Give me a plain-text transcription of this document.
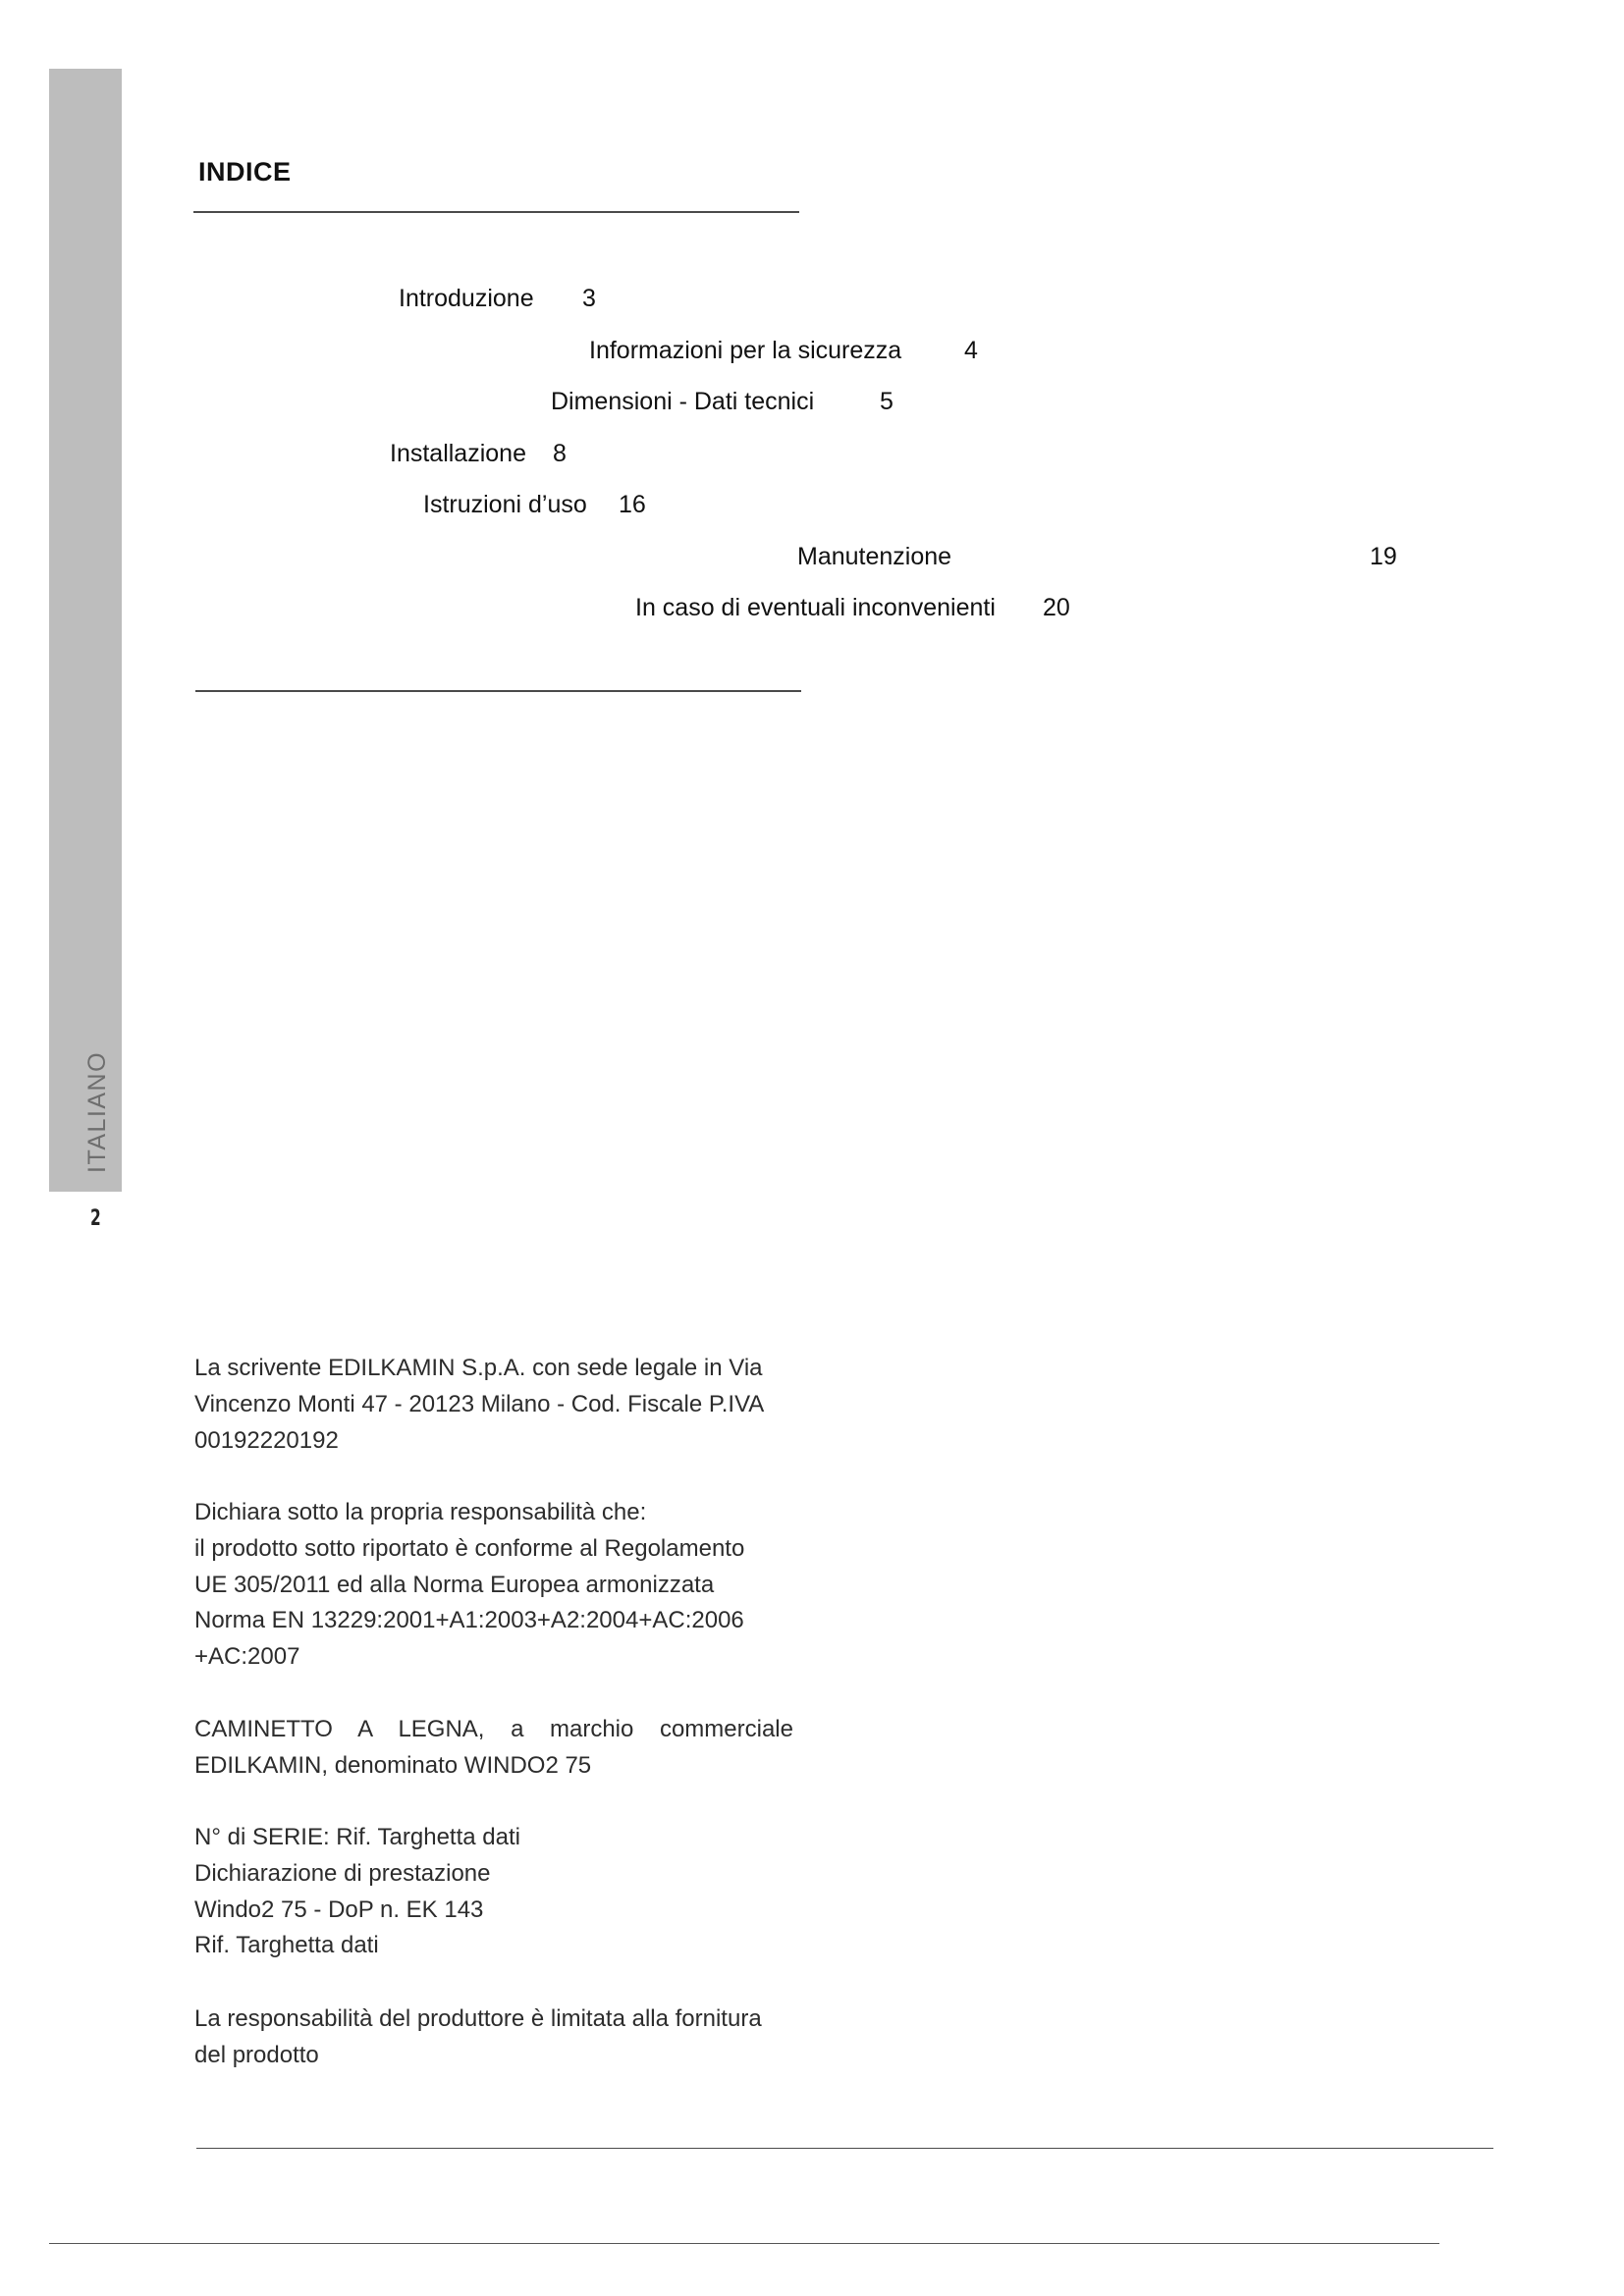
ITALIANO
2
INDICE
Introduzione 3
Informazioni per la sicurezza	4
Dimensioni - Dati tecnici	5
Installazione 8
Istruzioni d’uso 16
Manutenzione	19
In caso di eventuali inconvenienti 20
La scrivente EDILKAMIN S.p.A. con sede legale in Via
Vincenzo Monti 47 - 20123 Milano - Cod. Fiscale P.IVA
00192220192
Dichiara sotto la propria responsabilità che:
il prodotto sotto riportato è conforme al Regolamento
UE 305/2011 ed alla Norma Europea armonizzata
Norma EN 13229:2001+A1:2003+A2:2004+AC:2006
+AC:2007
CAMINETTO A LEGNA, a marchio commerciale
EDILKAMIN, denominato WINDO2 75
N° di SERIE: Rif. Targhetta dati
Dichiarazione di prestazione
Windo2 75 - DoP n. EK 143
Rif. Targhetta dati
La responsabilità del produttore è limitata alla fornitura
del prodotto
